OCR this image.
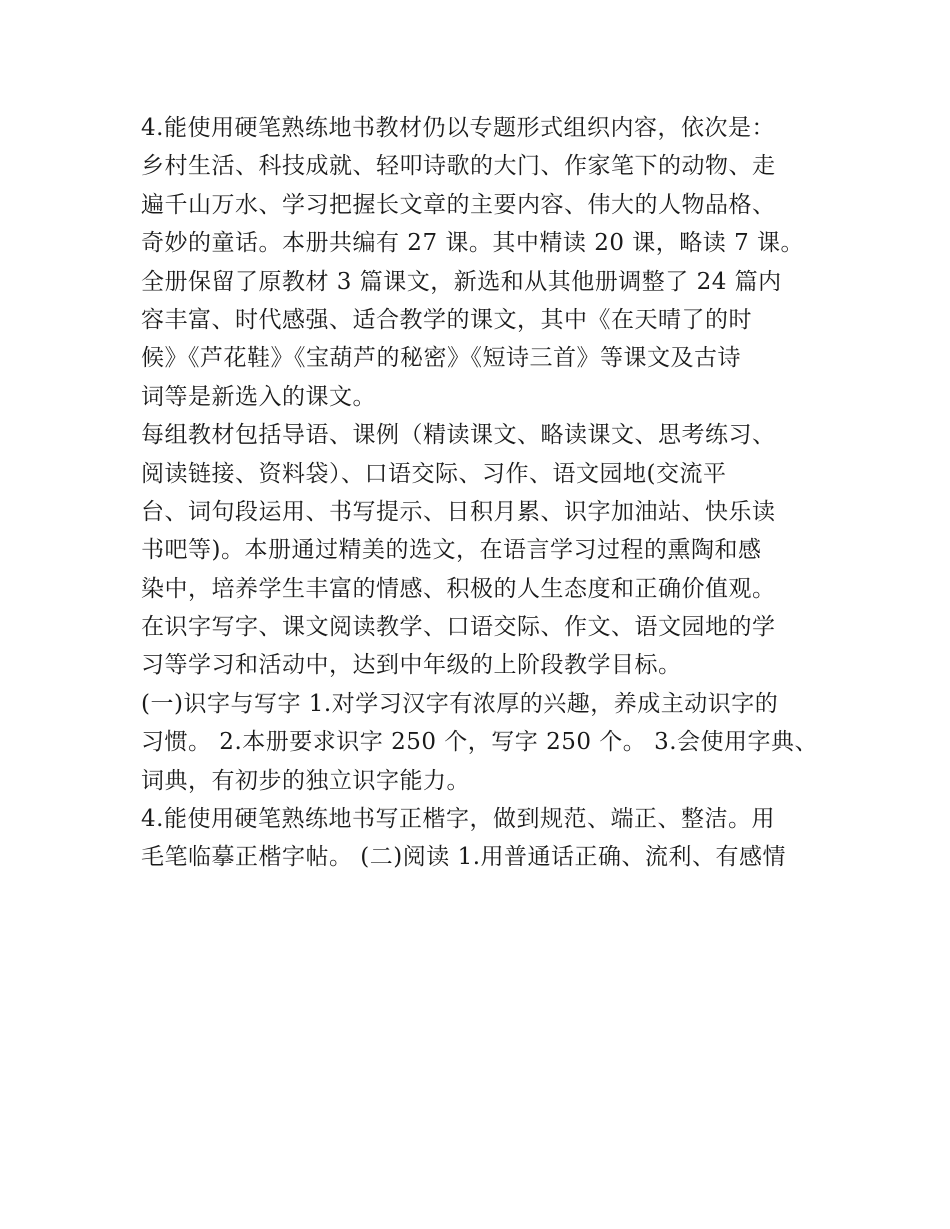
4.能使用硬笔熟练地书教材仍以专题形式组织内容，依次是：

乡村生活、科技成就、轻叩诗歌的大门、作家笔下的动物、走

遍千山万水、学习把握长文章的主要内容、伟大的人物品格、

奇妙的童话。本册共编有 27 课。其中精读 20 课，略读 7 课。

全册保留了原教材 3 篇课文，新选和从其他册调整了 24 篇内

容丰富、时代感强、适合教学的课文，其中《在天晴了的时

候》《芦花鞋》《宝葫芦的秘密》《短诗三首》等课文及古诗

词等是新选入的课文。

每组教材包括导语、课例（精读课文、略读课文、思考练习、

阅读链接、资料袋）、口语交际、习作、语文园地(交流平

台、词句段运用、书写提示、日积月累、识字加油站、快乐读

书吧等)。本册通过精美的选文，在语言学习过程的熏陶和感

染中，培养学生丰富的情感、积极的人生态度和正确价值观。

在识字写字、课文阅读教学、口语交际、作文、语文园地的学

习等学习和活动中，达到中年级的上阶段教学目标。

(一)识字与写字 1.对学习汉字有浓厚的兴趣，养成主动识字的

习惯。 2.本册要求识字 250 个，写字 250 个。 3.会使用字典、

词典，有初步的独立识字能力。

4.能使用硬笔熟练地书写正楷字，做到规范、端正、整洁。用

毛笔临摹正楷字帖。 (二)阅读 1.用普通话正确、流利、有感情
